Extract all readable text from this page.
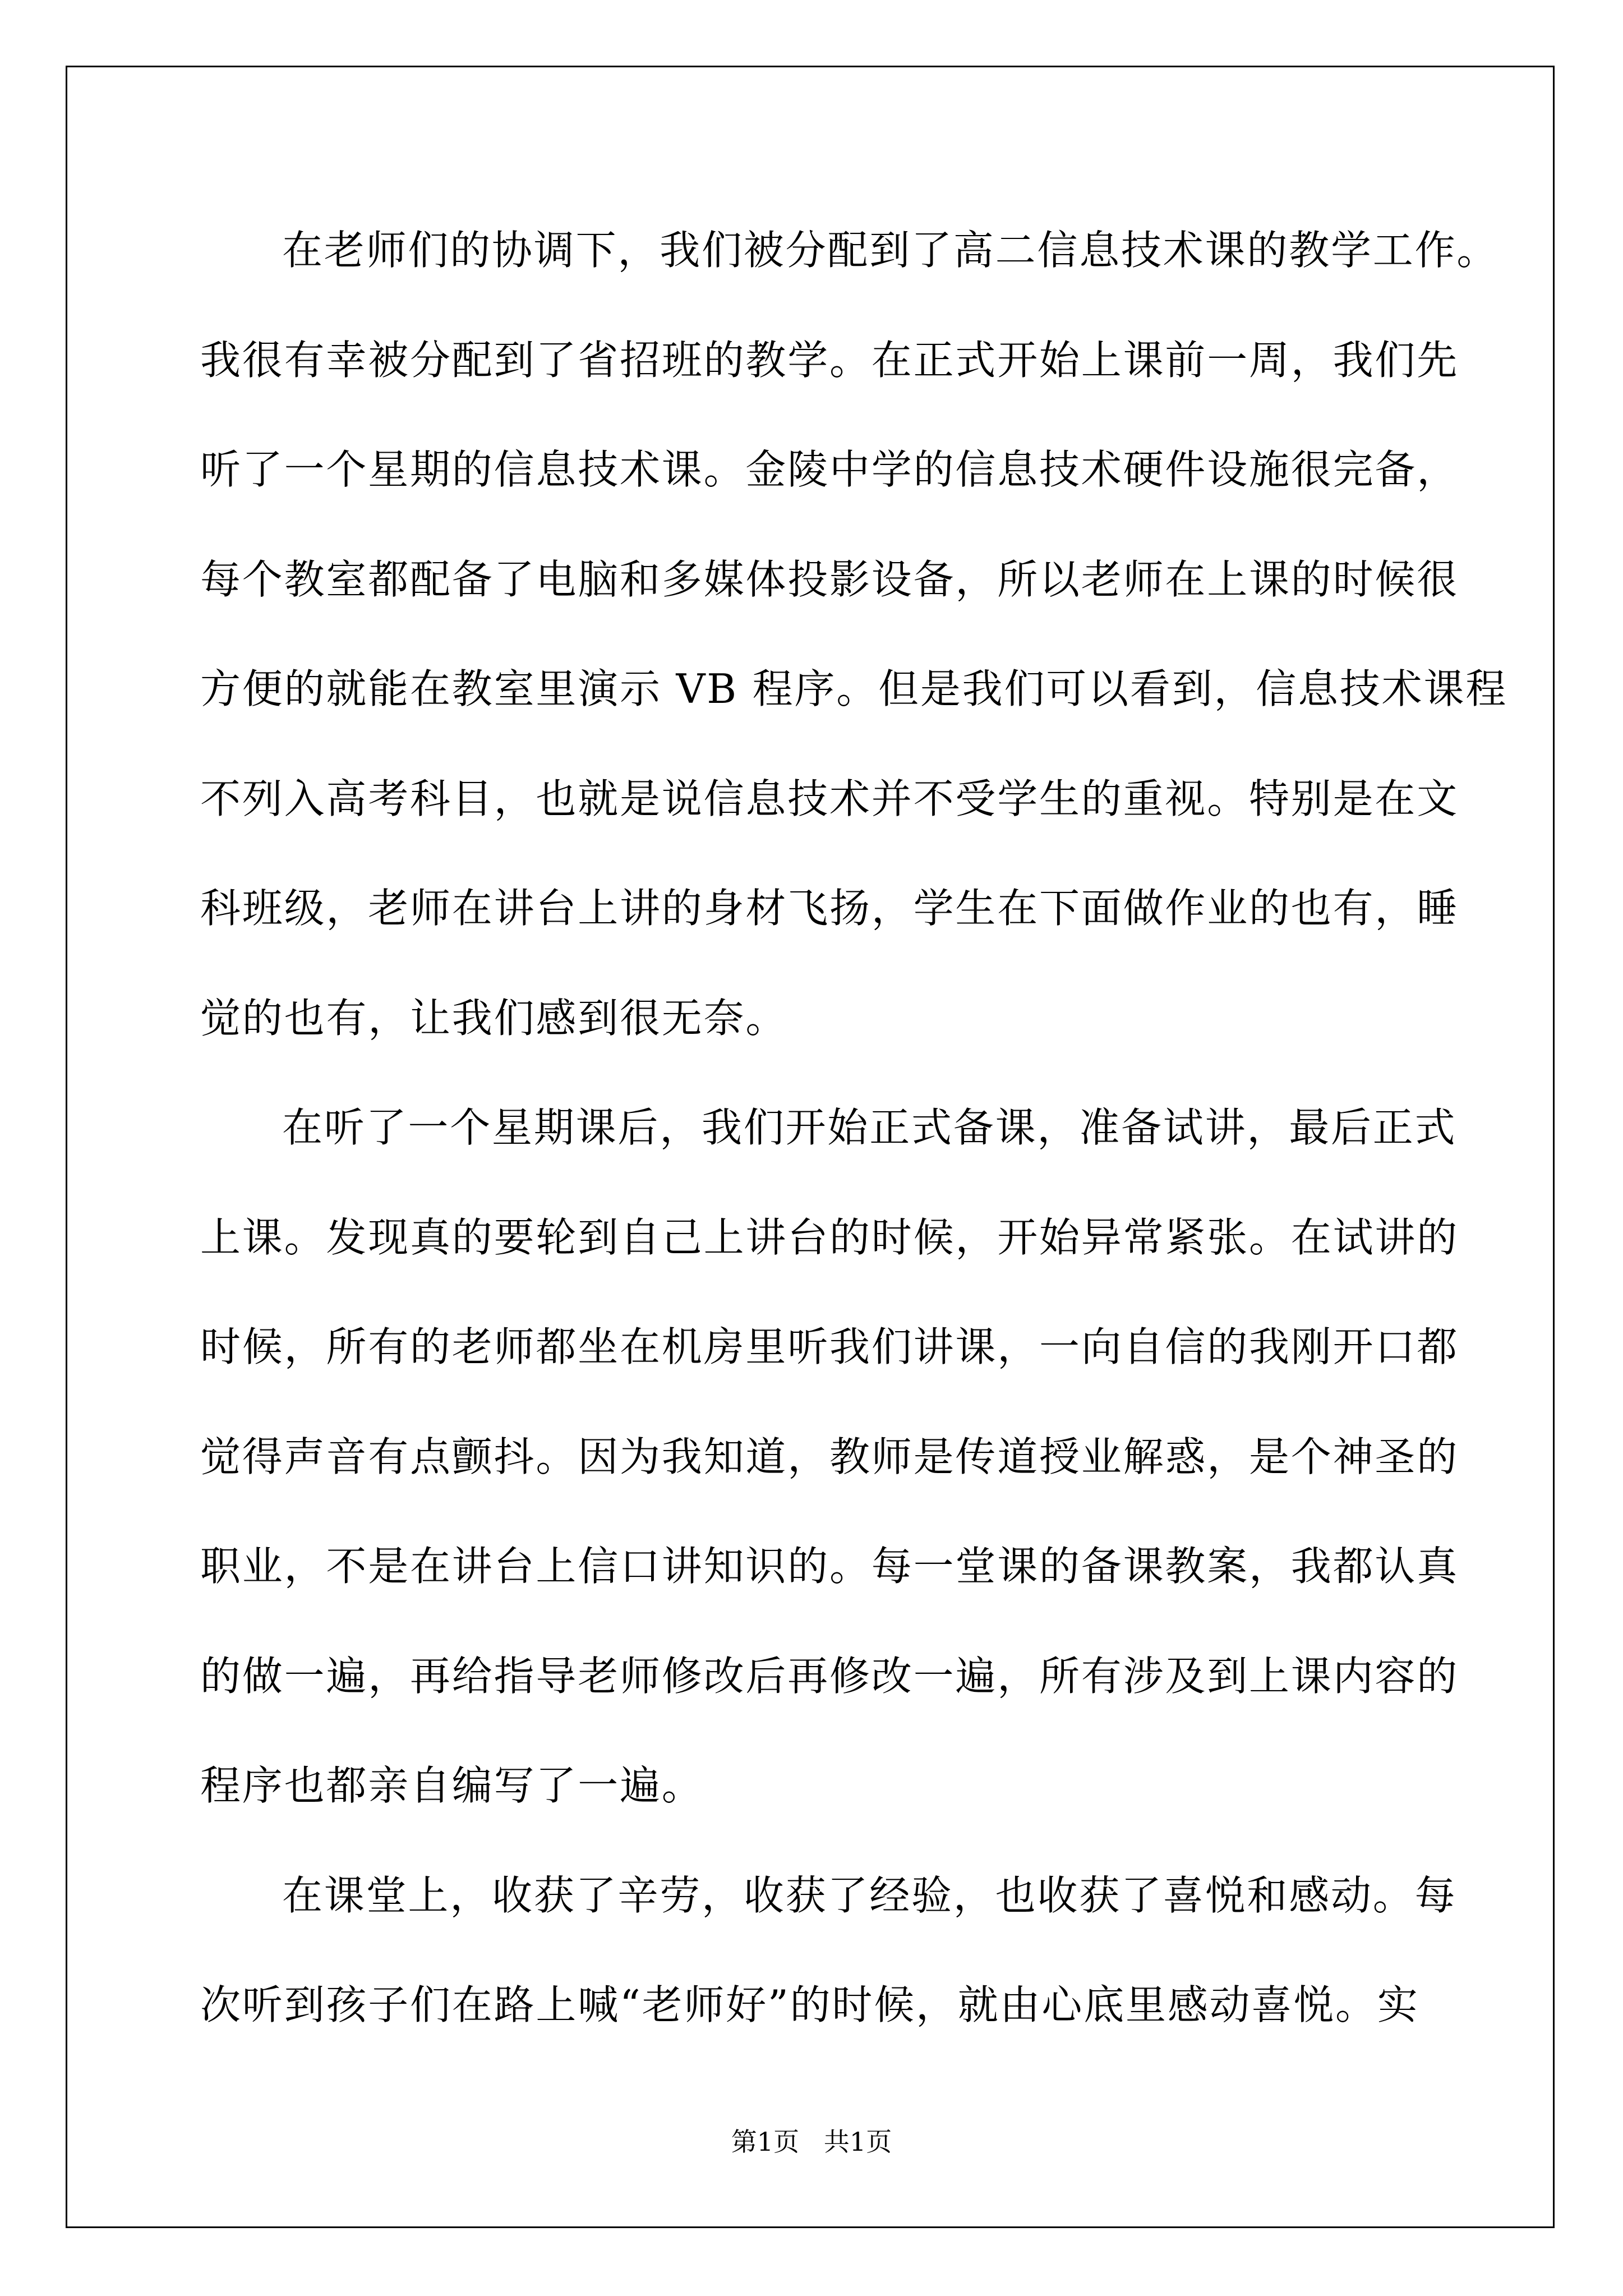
在老师们的协调下，我们被分配到了高二信息技术课的教学工作。
我很有幸被分配到了省招班的教学。在正式开始上课前一周，我们先
听了一个星期的信息技术课。金陵中学的信息技术硬件设施很完备，
每个教室都配备了电脑和多媒体投影设备，所以老师在上课的时候很
方便的就能在教室里演示 VB 程序。但是我们可以看到，信息技术课程
不列入高考科目，也就是说信息技术并不受学生的重视。特别是在文
科班级，老师在讲台上讲的身材飞扬，学生在下面做作业的也有，睡
觉的也有，让我们感到很无奈。
在听了一个星期课后，我们开始正式备课，准备试讲，最后正式
上课。发现真的要轮到自己上讲台的时候，开始异常紧张。在试讲的
时候，所有的老师都坐在机房里听我们讲课，一向自信的我刚开口都
觉得声音有点颤抖。因为我知道，教师是传道授业解惑，是个神圣的
职业，不是在讲台上信口讲知识的。每一堂课的备课教案，我都认真
的做一遍，再给指导老师修改后再修改一遍，所有涉及到上课内容的
程序也都亲自编写了一遍。
在课堂上，收获了辛劳，收获了经验，也收获了喜悦和感动。每
次听到孩子们在路上喊“老师好”的时候，就由心底里感动喜悦。实
第1页   共1页
